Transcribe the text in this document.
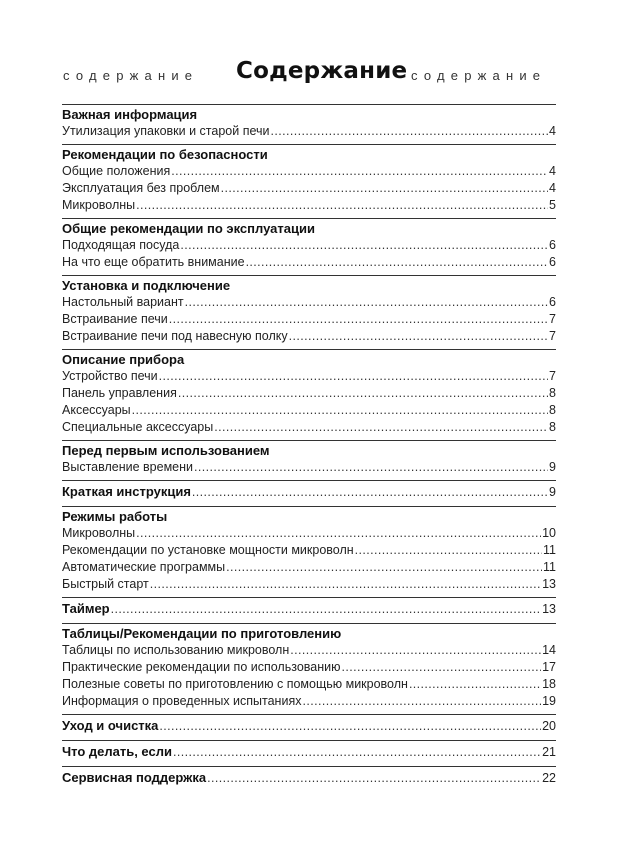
содержание Содержание содержание
Важная информация
Утилизация упаковки и старой печи .....	4
Рекомендации по безопасности
Общие положения .....	4
Эксплуатация без проблем .....	4
Микроволны .....	5
Общие рекомендации по эксплуатации
Подходящая посуда .....	6
На что еще обратить внимание .....	6
Установка и подключение
Настольный вариант .....	6
Встраивание печи .....	7
Встраивание печи под навесную полку .....	7
Описание прибора
Устройство печи .....	7
Панель управления .....	8
Аксессуары .....	8
Специальные аксессуары .....	8
Перед первым использованием
Выставление времени .....	9
Краткая инструкция .....	9
Режимы работы
Микроволны .....	10
Рекомендации по установке мощности микроволн .....	11
Автоматические программы .....	11
Быстрый старт .....	13
Таймер .....	13
Таблицы/Рекомендации по приготовлению
Таблицы по использованию микроволн .....	14
Практические рекомендации по использованию .....	17
Полезные советы по приготовлению с помощью микроволн .....	18
Информация о проведенных испытаниях .....	19
Уход и очистка .....	20
Что делать, если .....	21
Сервисная поддержка .....	22
